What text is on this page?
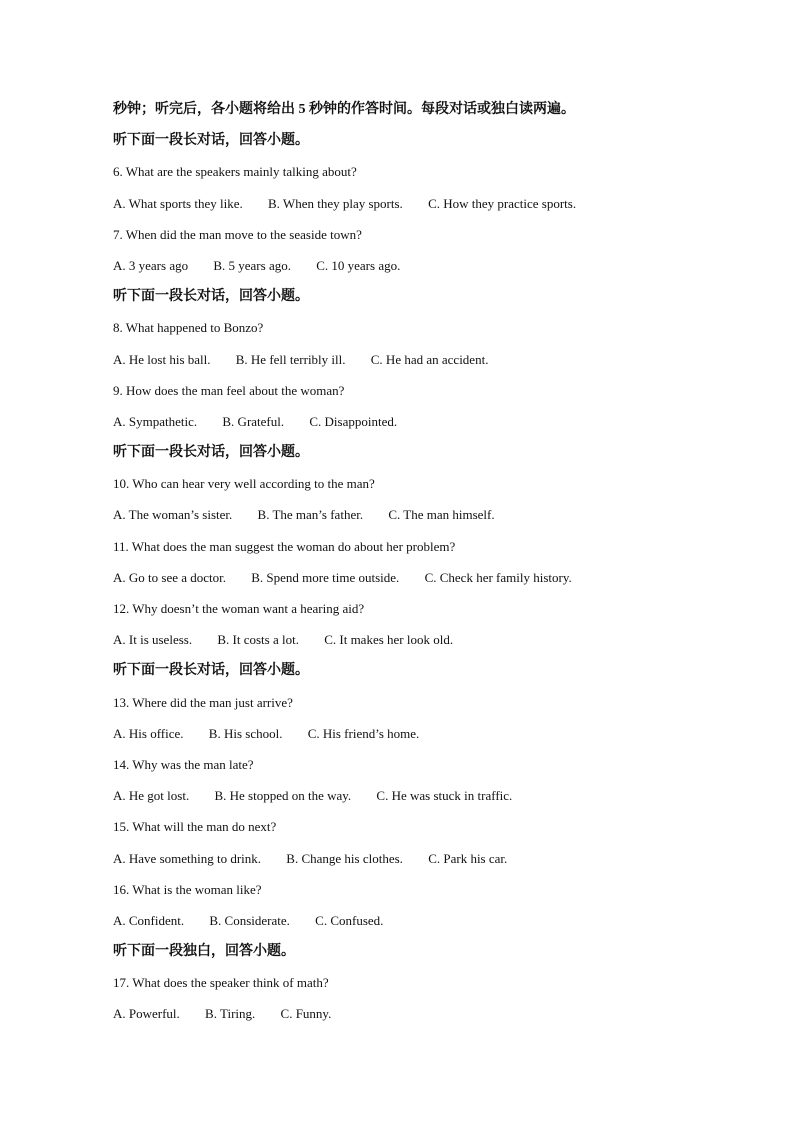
秒钟；听完后，各小题将给出 5 秒钟的作答时间。每段对话或独白读两遍。
听下面一段长对话，回答小题。
6. What are the speakers mainly talking about?
A. What sports they like. B. When they play sports. C. How they practice sports.
7. When did the man move to the seaside town?
A. 3 years ago B. 5 years ago. C. 10 years ago.
听下面一段长对话，回答小题。
8. What happened to Bonzo?
A. He lost his ball. B. He fell terribly ill. C. He had an accident.
9. How does the man feel about the woman?
A. Sympathetic. B. Grateful. C. Disappointed.
听下面一段长对话，回答小题。
10. Who can hear very well according to the man?
A. The woman’s sister. B. The man’s father. C. The man himself.
11. What does the man suggest the woman do about her problem?
A. Go to see a doctor. B. Spend more time outside. C. Check her family history.
12. Why doesn’t the woman want a hearing aid?
A. It is useless. B. It costs a lot. C. It makes her look old.
听下面一段长对话，回答小题。
13. Where did the man just arrive?
A. His office. B. His school. C. His friend’s home.
14. Why was the man late?
A. He got lost. B. He stopped on the way. C. He was stuck in traffic.
15. What will the man do next?
A. Have something to drink. B. Change his clothes. C. Park his car.
16. What is the woman like?
A. Confident. B. Considerate. C. Confused.
听下面一段独白，回答小题。
17. What does the speaker think of math?
A. Powerful. B. Tiring. C. Funny.
